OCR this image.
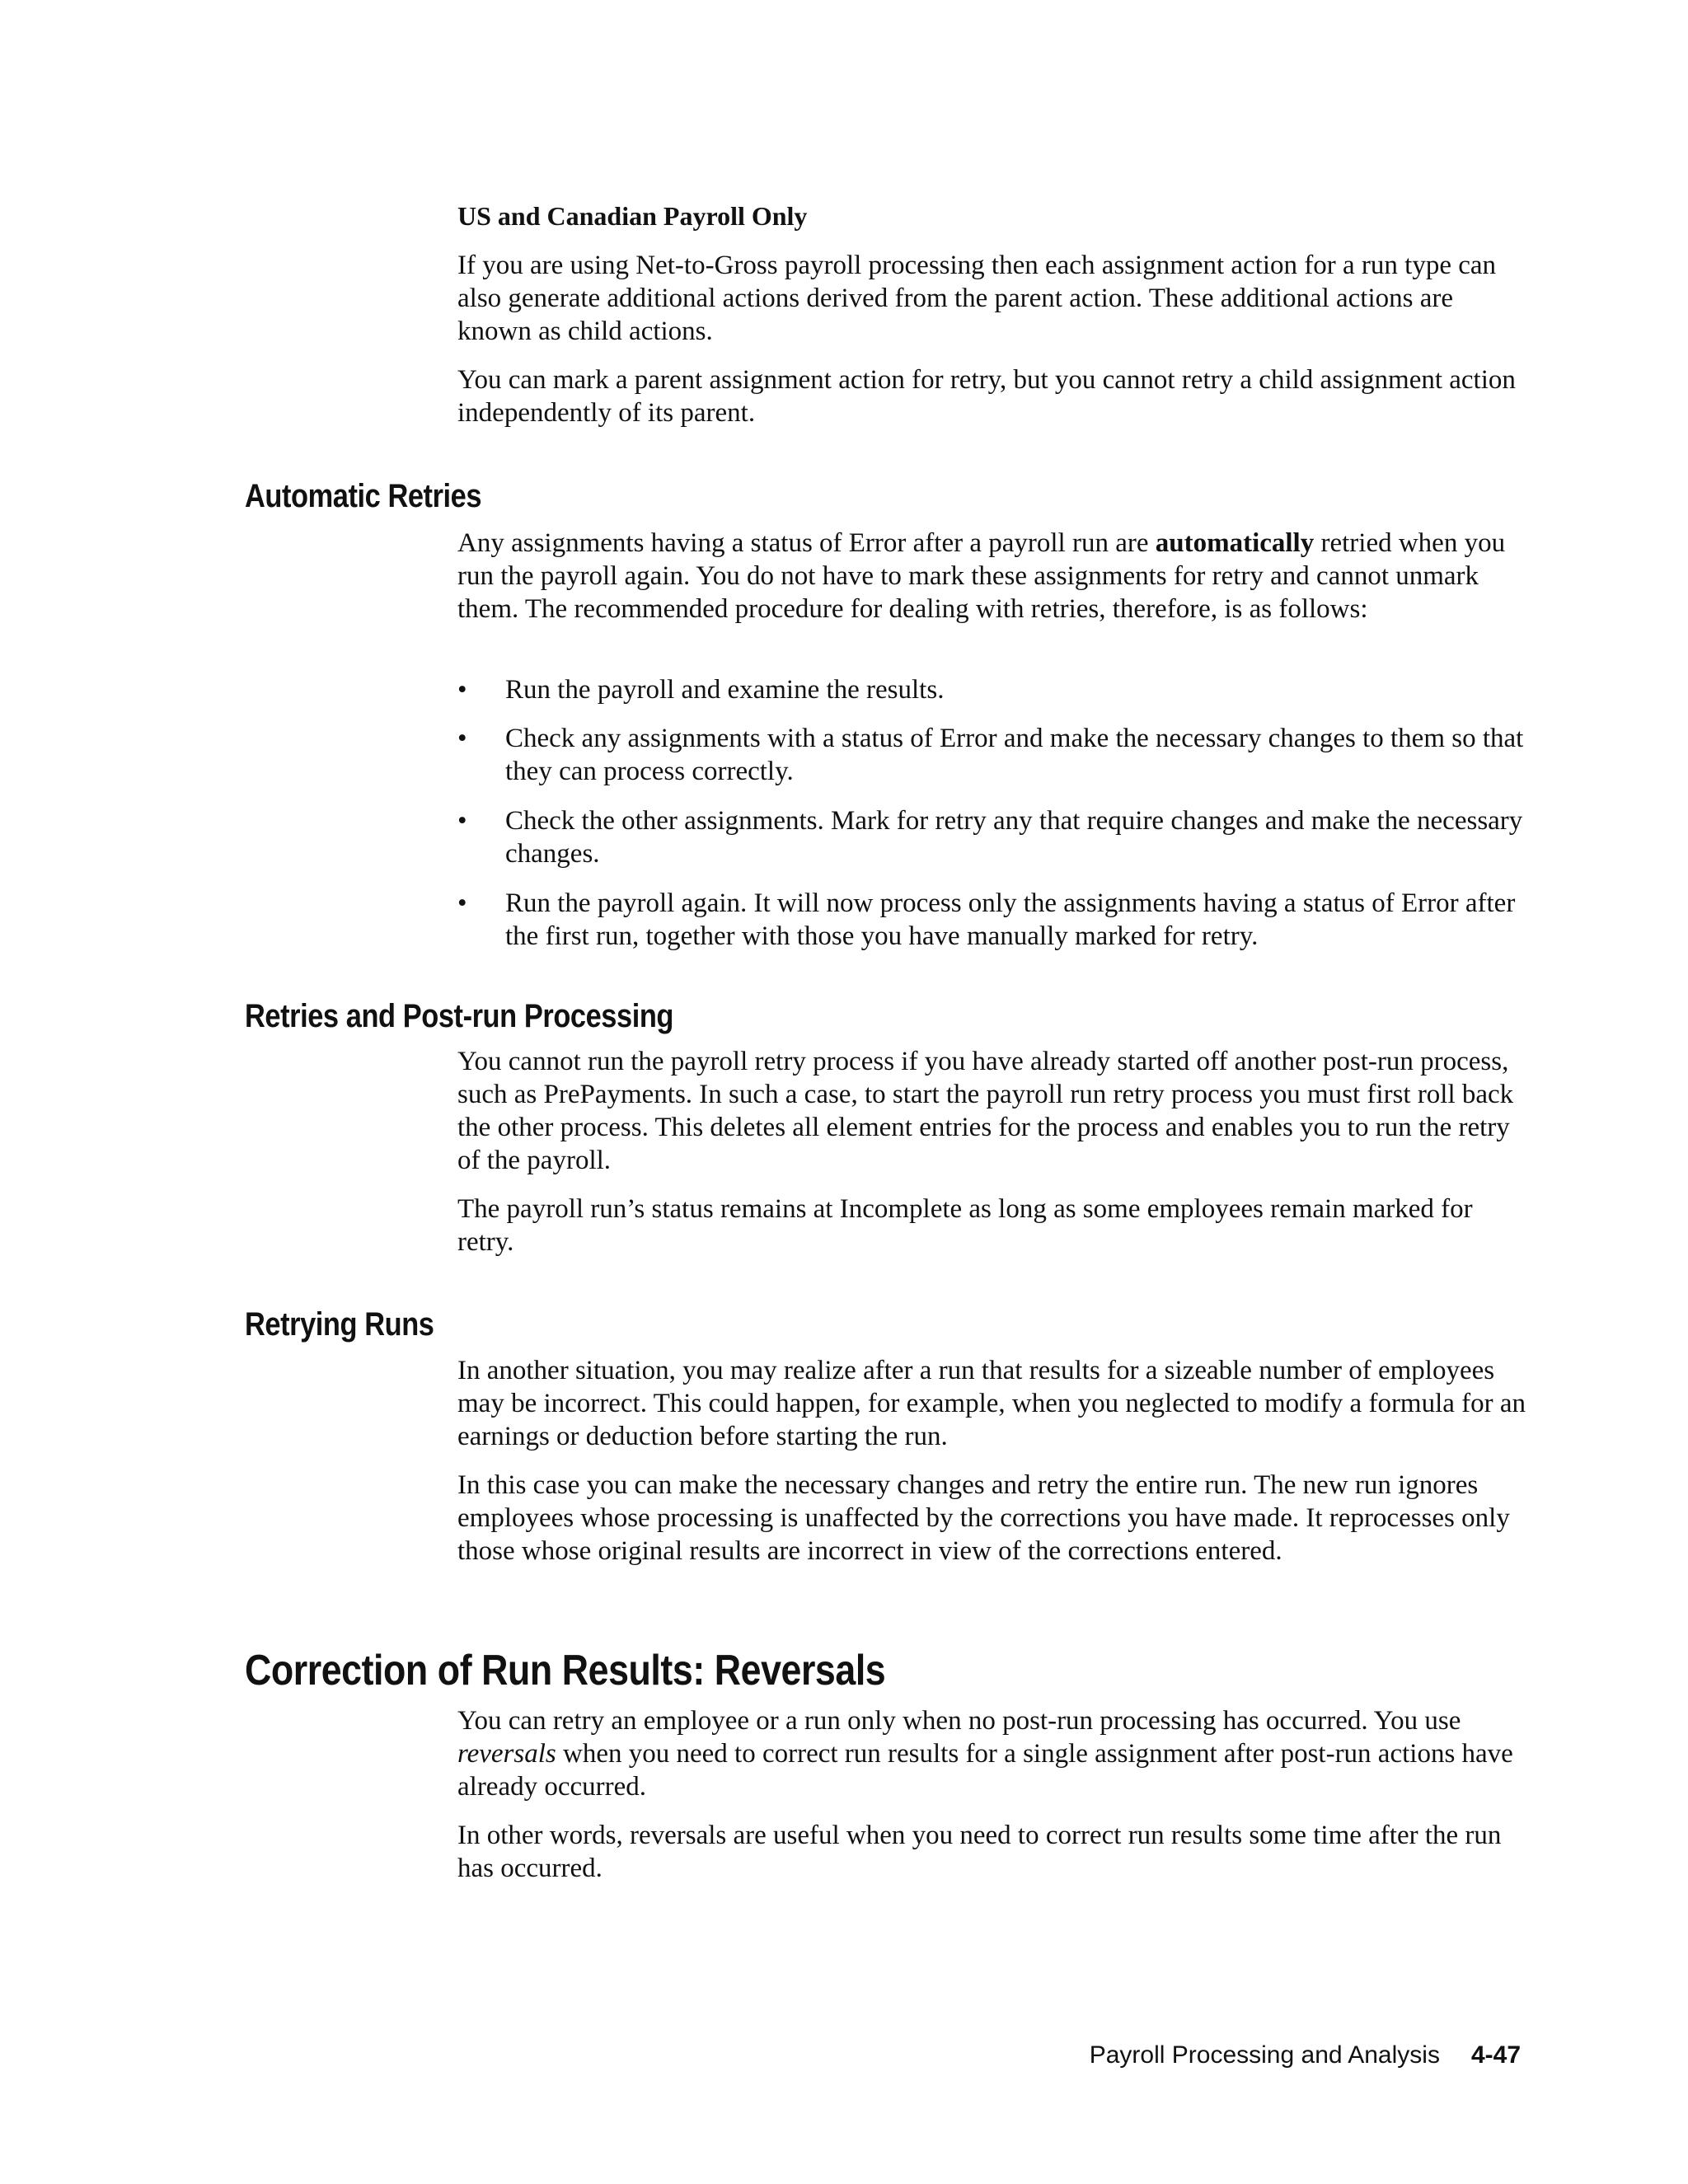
US and Canadian Payroll Only

If you are using Net-to-Gross payroll processing then each assignment action for a run type can also generate additional actions derived from the parent action. These additional actions are known as child actions.

You can mark a parent assignment action for retry, but you cannot retry a child assignment action independently of its parent.

Automatic Retries

Any assignments having a status of Error after a payroll run are automatically retried when you run the payroll again. You do not have to mark these assignments for retry and cannot unmark them. The recommended procedure for dealing with retries, therefore, is as follows:

•	Run the payroll and examine the results.
•	Check any assignments with a status of Error and make the necessary changes to them so that they can process correctly.
•	Check the other assignments. Mark for retry any that require changes and make the necessary changes.
•	Run the payroll again. It will now process only the assignments having a status of Error after the first run, together with those you have manually marked for retry.
Retries and Post-run Processing

You cannot run the payroll retry process if you have already started off another post-run process, such as PrePayments. In such a case, to start the payroll run retry process you must first roll back the other process. This deletes all element entries for the process and enables you to run the retry of the payroll.

The payroll run’s status remains at Incomplete as long as some employees remain marked for retry.

Retrying Runs

In another situation, you may realize after a run that results for a sizeable number of employees may be incorrect. This could happen, for example, when you neglected to modify a formula for an earnings or deduction before starting the run.

In this case you can make the necessary changes and retry the entire run. The new run ignores employees whose processing is unaffected by the corrections you have made. It reprocesses only those whose original results are incorrect in view of the corrections entered.

Correction of Run Results: Reversals

You can retry an employee or a run only when no post-run processing has occurred. You use reversals when you need to correct run results for a single assignment after post-run actions have already occurred.

In other words, reversals are useful when you need to correct run results some time after the run has occurred.

Payroll Processing and Analysis 4-47
